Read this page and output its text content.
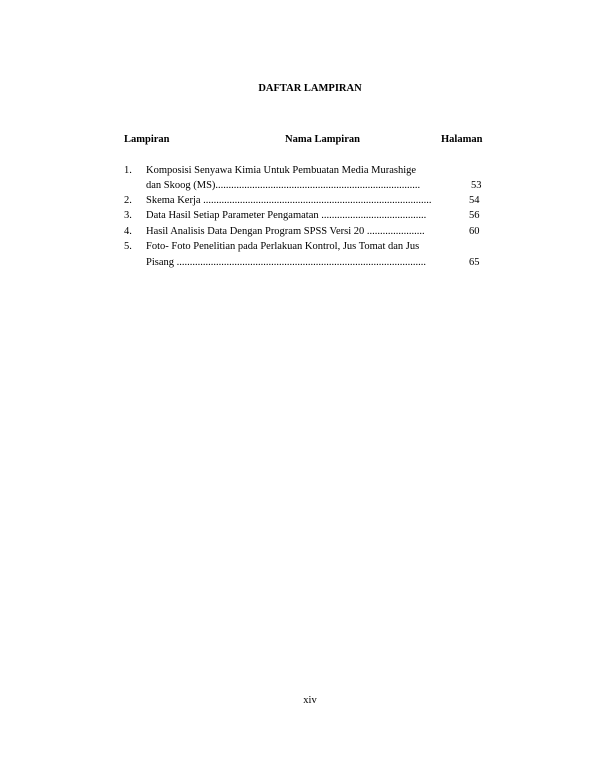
DAFTAR LAMPIRAN
Lampiran	Nama Lampiran	Halaman
1. Komposisi Senyawa Kimia Untuk Pembuatan Media Murashige
dan Skoog (MS)..............................................................................	53
2. Skema Kerja .......................................................................................	54
3. Data Hasil Setiap Parameter Pengamatan ........................................	56
4. Hasil Analisis Data Dengan Program SPSS Versi 20 ......................	60
5. Foto- Foto Penelitian pada Perlakuan Kontrol, Jus Tomat dan Jus
Pisang ...............................................................................................	65
xiv
